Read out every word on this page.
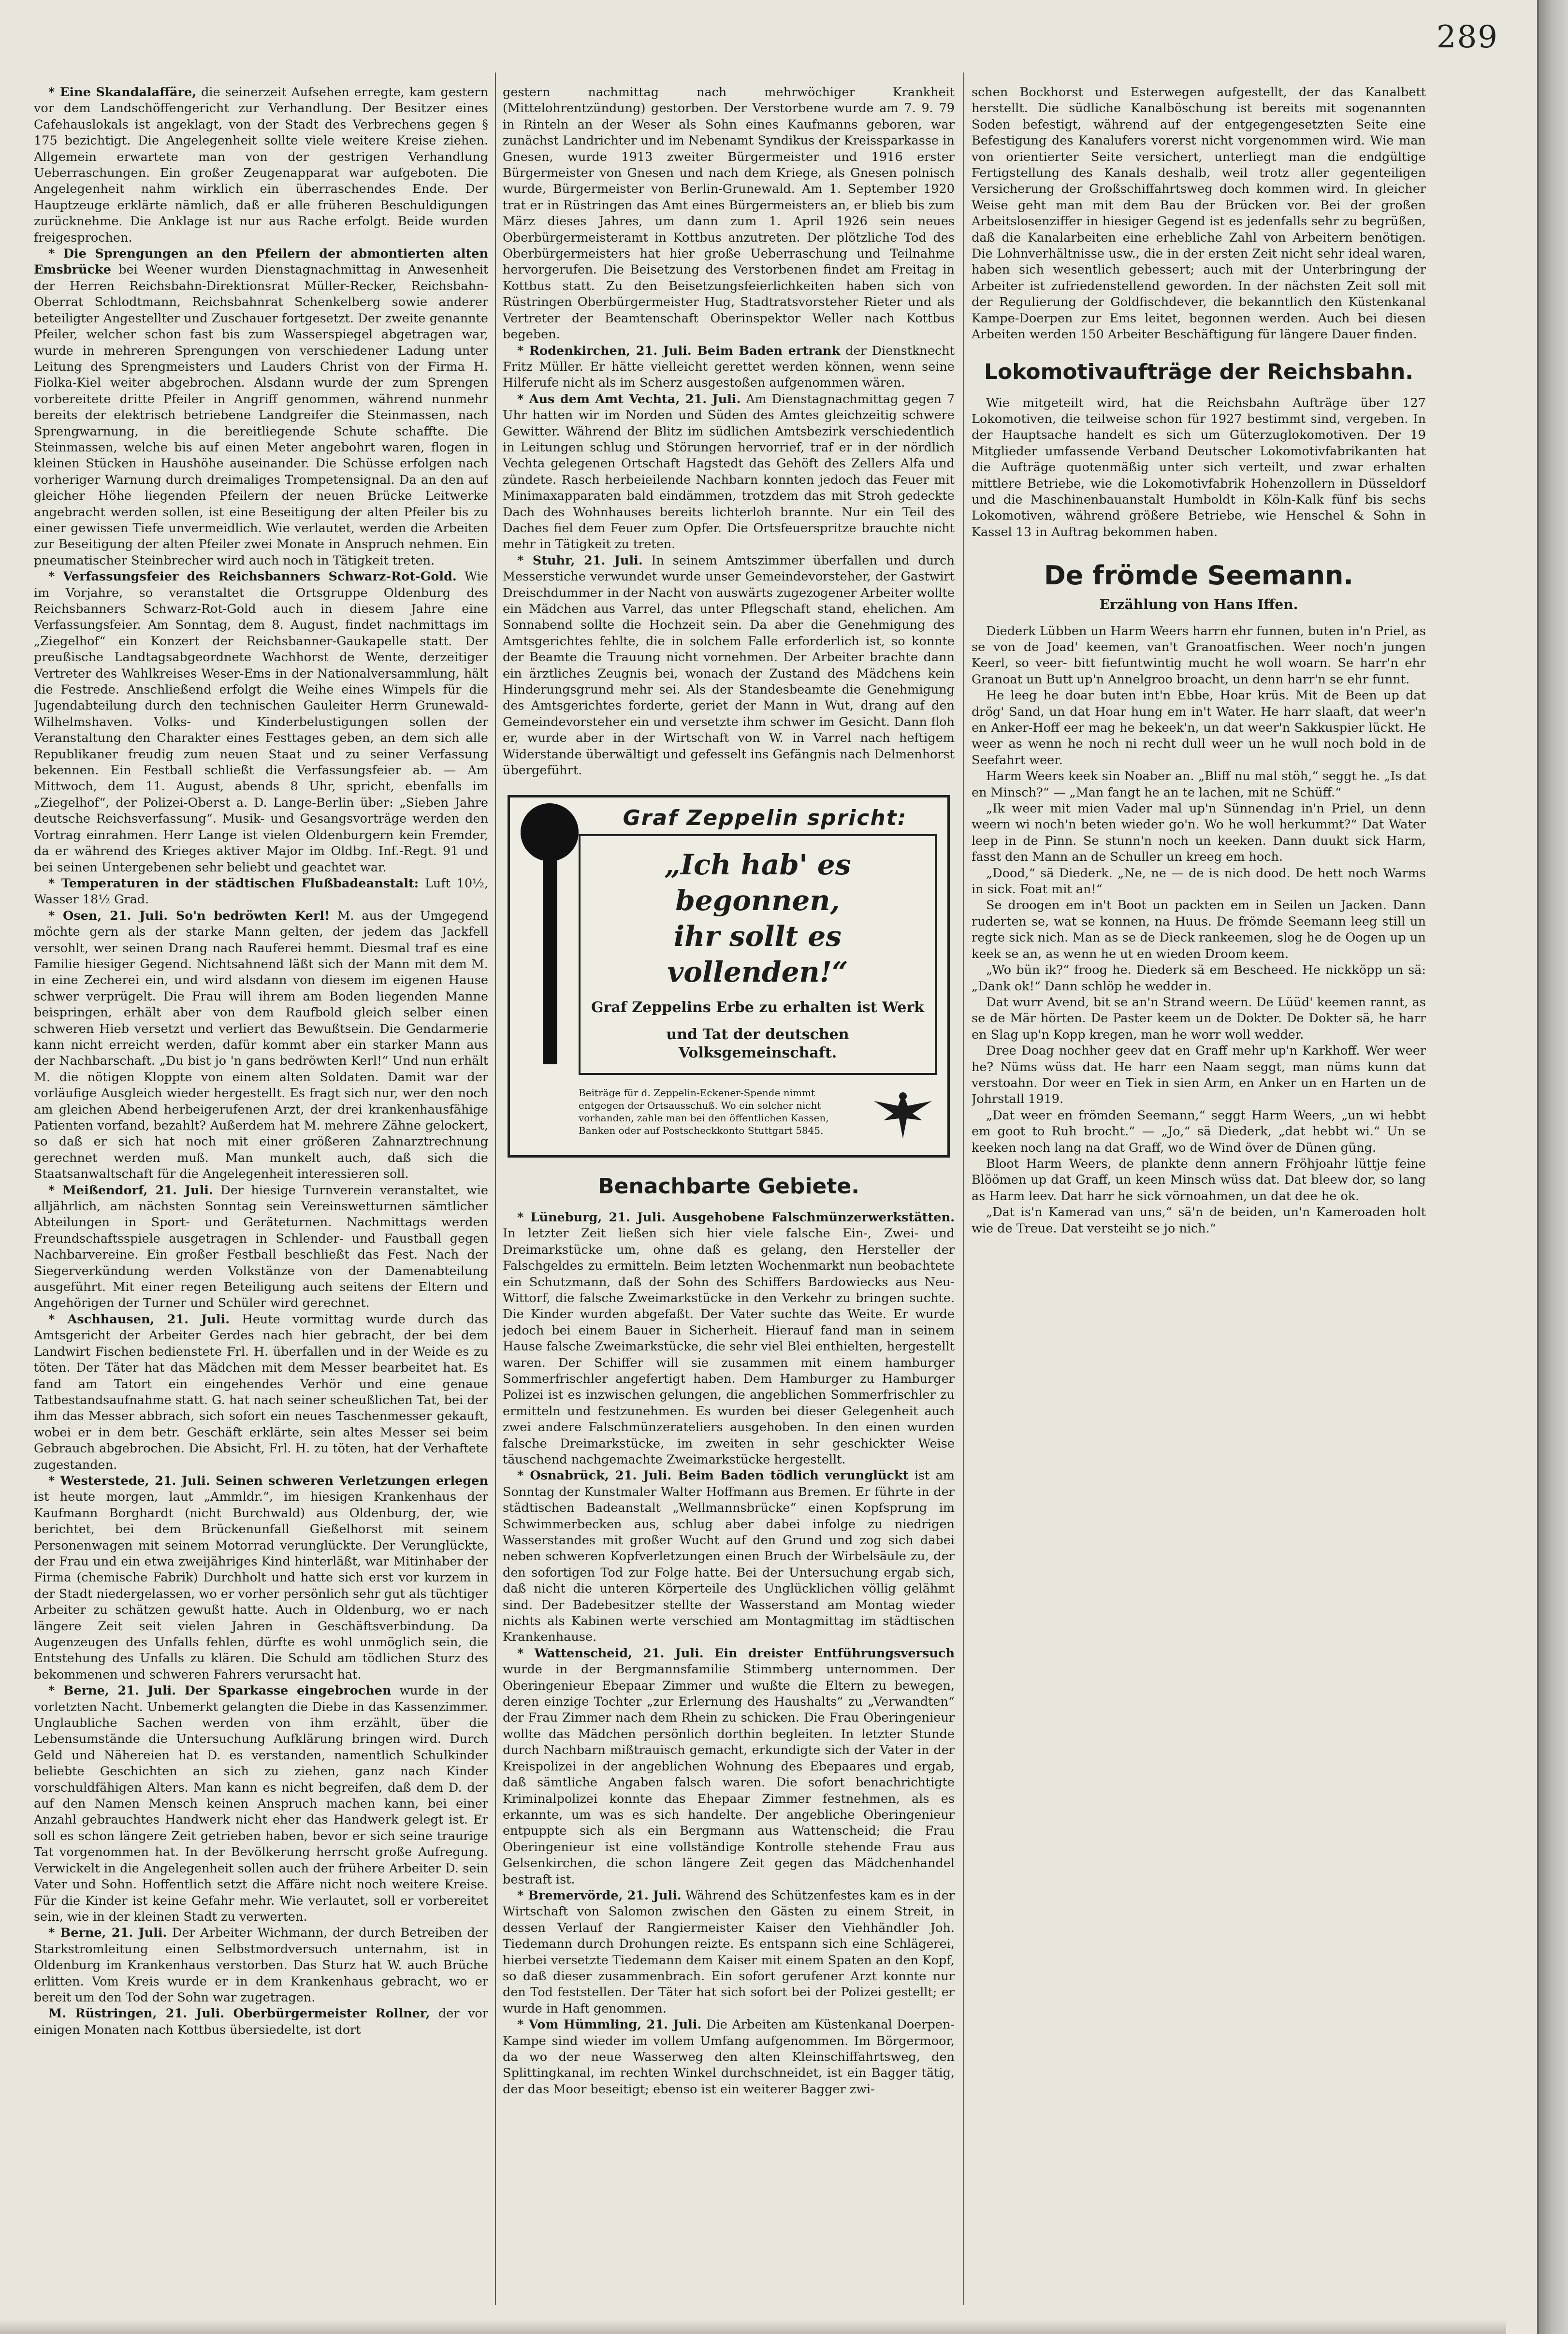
289

* Eine Skandalaffäre, die seinerzeit Aufsehen erregte, kam gestern vor dem Landschöffengericht zur Verhandlung. Der Besitzer eines Cafehauslokals ist angeklagt, von der Stadt des Verbrechens gegen § 175 bezichtigt. Die Angelegenheit sollte viele weitere Kreise ziehen. Allgemein erwartete man von der gestrigen Verhandlung Ueberraschungen. Ein großer Zeugenapparat war aufgeboten. Die Angelegenheit nahm wirklich ein überraschendes Ende. Der Hauptzeuge erklärte nämlich, daß er alle früheren Beschuldigungen zurücknehme. Die Anklage ist nur aus Rache erfolgt. Beide wurden freigesprochen.

* Die Sprengungen an den Pfeilern der abmontierten alten Emsbrücke bei Weener wurden Dienstagnachmittag in Anwesenheit der Herren Reichsbahn-Direktionsrat Müller-Recker, Reichsbahn-Oberrat Schlodtmann, Reichsbahnrat Schenkelberg sowie anderer beteiligter Angestellter und Zuschauer fortgesetzt. Der zweite genannte Pfeiler, welcher schon fast bis zum Wasserspiegel abgetragen war, wurde in mehreren Sprengungen von verschiedener Ladung unter Leitung des Sprengmeisters und Lauders Christ von der Firma H. Fiolka-Kiel weiter abgebrochen. Alsdann wurde der zum Sprengen vorbereitete dritte Pfeiler in Angriff genommen, während nunmehr bereits der elektrisch betriebene Landgreifer die Steinmassen, nach Sprengwarnung, in die bereitliegende Schute schaffte. Die Steinmassen, welche bis auf einen Meter angebohrt waren, flogen in kleinen Stücken in Haushöhe auseinander. Die Schüsse erfolgen nach vorheriger Warnung durch dreimaliges Trompetensignal. Da an den auf gleicher Höhe liegenden Pfeilern der neuen Brücke Leitwerke angebracht werden sollen, ist eine Beseitigung der alten Pfeiler bis zu einer gewissen Tiefe unvermeidlich. Wie verlautet, werden die Arbeiten zur Beseitigung der alten Pfeiler zwei Monate in Anspruch nehmen. Ein pneumatischer Steinbrecher wird auch noch in Tätigkeit treten.

* Verfassungsfeier des Reichsbanners Schwarz-Rot-Gold. Wie im Vorjahre, so veranstaltet die Ortsgruppe Oldenburg des Reichsbanners Schwarz-Rot-Gold auch in diesem Jahre eine Verfassungsfeier. Am Sonntag, dem 8. August, findet nachmittags im „Ziegelhof“ ein Konzert der Reichsbanner-Gaukapelle statt. Der preußische Landtagsabgeordnete Wachhorst de Wente, derzeitiger Vertreter des Wahlkreises Weser-Ems in der Nationalversammlung, hält die Festrede. Anschließend erfolgt die Weihe eines Wimpels für die Jugendabteilung durch den technischen Gauleiter Herrn Grunewald-Wilhelmshaven. Volks- und Kinderbelustigungen sollen der Veranstaltung den Charakter eines Festtages geben, an dem sich alle Republikaner freudig zum neuen Staat und zu seiner Verfassung bekennen. Ein Festball schließt die Verfassungsfeier ab. — Am Mittwoch, dem 11. August, abends 8 Uhr, spricht, ebenfalls im „Ziegelhof“, der Polizei-Oberst a. D. Lange-Berlin über: „Sieben Jahre deutsche Reichsverfassung“. Musik- und Gesangsvorträge werden den Vortrag einrahmen. Herr Lange ist vielen Oldenburgern kein Fremder, da er während des Krieges aktiver Major im Oldbg. Inf.-Regt. 91 und bei seinen Untergebenen sehr beliebt und geachtet war.

* Temperaturen in der städtischen Flußbadeanstalt: Luft 10½, Wasser 18½ Grad.

* Osen, 21. Juli. So'n bedröwten Kerl! M. aus der Umgegend möchte gern als der starke Mann gelten, der jedem das Jackfell versohlt, wer seinen Drang nach Rauferei hemmt. Diesmal traf es eine Familie hiesiger Gegend. Nichtsahnend läßt sich der Mann mit dem M. in eine Zecherei ein, und wird alsdann von diesem im eigenen Hause schwer verprügelt. Die Frau will ihrem am Boden liegenden Manne beispringen, erhält aber von dem Raufbold gleich selber einen schweren Hieb versetzt und verliert das Bewußtsein. Die Gendarmerie kann nicht erreicht werden, dafür kommt aber ein starker Mann aus der Nachbarschaft. „Du bist jo 'n gans bedröwten Kerl!“ Und nun erhält M. die nötigen Kloppte von einem alten Soldaten. Damit war der vorläufige Ausgleich wieder hergestellt. Es fragt sich nur, wer den noch am gleichen Abend herbeigerufenen Arzt, der drei krankenhausfähige Patienten vorfand, bezahlt? Außerdem hat M. mehrere Zähne gelockert, so daß er sich hat noch mit einer größeren Zahnarztrechnung gerechnet werden muß. Man munkelt auch, daß sich die Staatsanwaltschaft für die Angelegenheit interessieren soll.

* Meißendorf, 21. Juli. Der hiesige Turnverein veranstaltet, wie alljährlich, am nächsten Sonntag sein Vereinswetturnen sämtlicher Abteilungen in Sport- und Geräteturnen. Nachmittags werden Freundschaftsspiele ausgetragen in Schlender- und Faustball gegen Nachbarvereine. Ein großer Festball beschließt das Fest. Nach der Siegerverkündung werden Volkstänze von der Damenabteilung ausgeführt. Mit einer regen Beteiligung auch seitens der Eltern und Angehörigen der Turner und Schüler wird gerechnet.

* Aschhausen, 21. Juli. Heute vormittag wurde durch das Amtsgericht der Arbeiter Gerdes nach hier gebracht, der bei dem Landwirt Fischen bedienstete Frl. H. überfallen und in der Weide es zu töten. Der Täter hat das Mädchen mit dem Messer bearbeitet hat. Es fand am Tatort ein eingehendes Verhör und eine genaue Tatbestandsaufnahme statt. G. hat nach seiner scheußlichen Tat, bei der ihm das Messer abbrach, sich sofort ein neues Taschenmesser gekauft, wobei er in dem betr. Geschäft erklärte, sein altes Messer sei beim Gebrauch abgebrochen. Die Absicht, Frl. H. zu töten, hat der Verhaftete zugestanden.

* Westerstede, 21. Juli. Seinen schweren Verletzungen erlegen ist heute morgen, laut „Ammldr.“, im hiesigen Krankenhaus der Kaufmann Borghardt (nicht Burchwald) aus Oldenburg, der, wie berichtet, bei dem Brückenunfall Gießelhorst mit seinem Personenwagen mit seinem Motorrad verunglückte. Der Verunglückte, der Frau und ein etwa zweijähriges Kind hinterläßt, war Mitinhaber der Firma (chemische Fabrik) Durchholt und hatte sich erst vor kurzem in der Stadt niedergelassen, wo er vorher persönlich sehr gut als tüchtiger Arbeiter zu schätzen gewußt hatte. Auch in Oldenburg, wo er nach längere Zeit seit vielen Jahren in Geschäftsverbindung. Da Augenzeugen des Unfalls fehlen, dürfte es wohl unmöglich sein, die Entstehung des Unfalls zu klären. Die Schuld am tödlichen Sturz des bekommenen und schweren Fahrers verursacht hat.

* Berne, 21. Juli. Der Sparkasse eingebrochen wurde in der vorletzten Nacht. Unbemerkt gelangten die Diebe in das Kassenzimmer. Unglaubliche Sachen werden von ihm erzählt, über die Lebensumstände die Untersuchung Aufklärung bringen wird. Durch Geld und Nähereien hat D. es verstanden, namentlich Schulkinder beliebte Geschichten an sich zu ziehen, ganz nach Kinder vorschuldfähigen Alters. Man kann es nicht begreifen, daß dem D. der auf den Namen Mensch keinen Anspruch machen kann, bei einer Anzahl gebrauchtes Handwerk nicht eher das Handwerk gelegt ist. Er soll es schon längere Zeit getrieben haben, bevor er sich seine traurige Tat vorgenommen hat. In der Bevölkerung herrscht große Aufregung. Verwickelt in die Angelegenheit sollen auch der frühere Arbeiter D. sein Vater und Sohn. Hoffentlich setzt die Affäre nicht noch weitere Kreise. Für die Kinder ist keine Gefahr mehr. Wie verlautet, soll er vorbereitet sein, wie in der kleinen Stadt zu verwerten.

* Berne, 21. Juli. Der Arbeiter Wichmann, der durch Betreiben der Starkstromleitung einen Selbstmordversuch unternahm, ist in Oldenburg im Krankenhaus verstorben. Das Sturz hat W. auch Brüche erlitten. Vom Kreis wurde er in dem Krankenhaus gebracht, wo er bereit um den Tod der Sohn war zugetragen.

M. Rüstringen, 21. Juli. Oberbürgermeister Rollner, der vor einigen Monaten nach Kottbus übersiedelte, ist dort

gestern nachmittag nach mehrwöchiger Krankheit (Mittelohrentzündung) gestorben. Der Verstorbene wurde am 7. 9. 79 in Rinteln an der Weser als Sohn eines Kaufmanns geboren, war zunächst Landrichter und im Nebenamt Syndikus der Kreissparkasse in Gnesen, wurde 1913 zweiter Bürgermeister und 1916 erster Bürgermeister von Gnesen und nach dem Kriege, als Gnesen polnisch wurde, Bürgermeister von Berlin-Grunewald. Am 1. September 1920 trat er in Rüstringen das Amt eines Bürgermeisters an, er blieb bis zum März dieses Jahres, um dann zum 1. April 1926 sein neues Oberbürgermeisteramt in Kottbus anzutreten. Der plötzliche Tod des Oberbürgermeisters hat hier große Ueberraschung und Teilnahme hervorgerufen. Die Beisetzung des Verstorbenen findet am Freitag in Kottbus statt. Zu den Beisetzungsfeierlichkeiten haben sich von Rüstringen Oberbürgermeister Hug, Stadtratsvorsteher Rieter und als Vertreter der Beamtenschaft Oberinspektor Weller nach Kottbus begeben.

* Rodenkirchen, 21. Juli. Beim Baden ertrank der Dienstknecht Fritz Müller. Er hätte vielleicht gerettet werden können, wenn seine Hilferufe nicht als im Scherz ausgestoßen aufgenommen wären.

* Aus dem Amt Vechta, 21. Juli. Am Dienstagnachmittag gegen 7 Uhr hatten wir im Norden und Süden des Amtes gleichzeitig schwere Gewitter. Während der Blitz im südlichen Amtsbezirk verschiedentlich in Leitungen schlug und Störungen hervorrief, traf er in der nördlich Vechta gelegenen Ortschaft Hagstedt das Gehöft des Zellers Alfa und zündete. Rasch herbeieilende Nachbarn konnten jedoch das Feuer mit Minimaxapparaten bald eindämmen, trotzdem das mit Stroh gedeckte Dach des Wohnhauses bereits lichterloh brannte. Nur ein Teil des Daches fiel dem Feuer zum Opfer. Die Ortsfeuerspritze brauchte nicht mehr in Tätigkeit zu treten.

* Stuhr, 21. Juli. In seinem Amtszimmer überfallen und durch Messerstiche verwundet wurde unser Gemeindevorsteher, der Gastwirt Dreischdummer in der Nacht von auswärts zugezogener Arbeiter wollte ein Mädchen aus Varrel, das unter Pflegschaft stand, ehelichen. Am Sonnabend sollte die Hochzeit sein. Da aber die Genehmigung des Amtsgerichtes fehlte, die in solchem Falle erforderlich ist, so konnte der Beamte die Trauung nicht vornehmen. Der Arbeiter brachte dann ein ärztliches Zeugnis bei, wonach der Zustand des Mädchens kein Hinderungsgrund mehr sei. Als der Standesbeamte die Genehmigung des Amtsgerichtes forderte, geriet der Mann in Wut, drang auf den Gemeindevorsteher ein und versetzte ihm schwer im Gesicht. Dann floh er, wurde aber in der Wirtschaft von W. in Varrel nach heftigem Widerstande überwältigt und gefesselt ins Gefängnis nach Delmenhorst übergeführt.

Graf Zeppelin spricht:
„Ich hab' es begonnen,
ihr sollt es vollenden!“
Graf Zeppelins Erbe zu erhalten ist Werk
und Tat der deutschen Volksgemeinschaft.
Beiträge für d. Zeppelin-Eckener-Spende nimmt entgegen der Ortsausschuß. Wo ein solcher nicht vorhanden, zahle man bei den öffentlichen Kassen, Banken oder auf Postscheckkonto Stuttgart 5845.
Benachbarte Gebiete.

* Lüneburg, 21. Juli. Ausgehobene Falschmünzerwerkstätten. In letzter Zeit ließen sich hier viele falsche Ein-, Zwei- und Dreimarkstücke um, ohne daß es gelang, den Hersteller der Falschgeldes zu ermitteln. Beim letzten Wochenmarkt nun beobachtete ein Schutzmann, daß der Sohn des Schiffers Bardowiecks aus Neu-Wittorf, die falsche Zweimarkstücke in den Verkehr zu bringen suchte. Die Kinder wurden abgefaßt. Der Vater suchte das Weite. Er wurde jedoch bei einem Bauer in Sicherheit. Hierauf fand man in seinem Hause falsche Zweimarkstücke, die sehr viel Blei enthielten, hergestellt waren. Der Schiffer will sie zusammen mit einem hamburger Sommerfrischler angefertigt haben. Dem Hamburger zu Hamburger Polizei ist es inzwischen gelungen, die angeblichen Sommerfrischler zu ermitteln und festzunehmen. Es wurden bei dieser Gelegenheit auch zwei andere Falschmünzerateliers ausgehoben. In den einen wurden falsche Dreimarkstücke, im zweiten in sehr geschickter Weise täuschend nachgemachte Zweimarkstücke hergestellt.

* Osnabrück, 21. Juli. Beim Baden tödlich verunglückt ist am Sonntag der Kunstmaler Walter Hoffmann aus Bremen. Er führte in der städtischen Badeanstalt „Wellmannsbrücke“ einen Kopfsprung im Schwimmerbecken aus, schlug aber dabei infolge zu niedrigen Wasserstandes mit großer Wucht auf den Grund und zog sich dabei neben schweren Kopfverletzungen einen Bruch der Wirbelsäule zu, der den sofortigen Tod zur Folge hatte. Bei der Untersuchung ergab sich, daß nicht die unteren Körperteile des Unglücklichen völlig gelähmt sind. Der Badebesitzer stellte der Wasserstand am Montag wieder nichts als Kabinen werte verschied am Montagmittag im städtischen Krankenhause.

* Wattenscheid, 21. Juli. Ein dreister Entführungsversuch wurde in der Bergmannsfamilie Stimmberg unternommen. Der Oberingenieur Ebepaar Zimmer und wußte die Eltern zu bewegen, deren einzige Tochter „zur Erlernung des Haushalts“ zu „Verwandten“ der Frau Zimmer nach dem Rhein zu schicken. Die Frau Oberingenieur wollte das Mädchen persönlich dorthin begleiten. In letzter Stunde durch Nachbarn mißtrauisch gemacht, erkundigte sich der Vater in der Kreispolizei in der angeblichen Wohnung des Ebepaares und ergab, daß sämtliche Angaben falsch waren. Die sofort benachrichtigte Kriminalpolizei konnte das Ehepaar Zimmer festnehmen, als es erkannte, um was es sich handelte. Der angebliche Oberingenieur entpuppte sich als ein Bergmann aus Wattenscheid; die Frau Oberingenieur ist eine vollständige Kontrolle stehende Frau aus Gelsenkirchen, die schon längere Zeit gegen das Mädchenhandel bestraft ist.

* Bremervörde, 21. Juli. Während des Schützenfestes kam es in der Wirtschaft von Salomon zwischen den Gästen zu einem Streit, in dessen Verlauf der Rangiermeister Kaiser den Viehhändler Joh. Tiedemann durch Drohungen reizte. Es entspann sich eine Schlägerei, hierbei versetzte Tiedemann dem Kaiser mit einem Spaten an den Kopf, so daß dieser zusammenbrach. Ein sofort gerufener Arzt konnte nur den Tod feststellen. Der Täter hat sich sofort bei der Polizei gestellt; er wurde in Haft genommen.

* Vom Hümmling, 21. Juli. Die Arbeiten am Küstenkanal Doerpen-Kampe sind wieder im vollem Umfang aufgenommen. Im Börgermoor, da wo der neue Wasserweg den alten Kleinschiffahrtsweg, den Splittingkanal, im rechten Winkel durchschneidet, ist ein Bagger tätig, der das Moor beseitigt; ebenso ist ein weiterer Bagger zwi-

schen Bockhorst und Esterwegen aufgestellt, der das Kanalbett herstellt. Die südliche Kanalböschung ist bereits mit sogenannten Soden befestigt, während auf der entgegengesetzten Seite eine Befestigung des Kanalufers vorerst nicht vorgenommen wird. Wie man von orientierter Seite versichert, unterliegt man die endgültige Fertigstellung des Kanals deshalb, weil trotz aller gegenteiligen Versicherung der Großschiffahrtsweg doch kommen wird. In gleicher Weise geht man mit dem Bau der Brücken vor. Bei der großen Arbeitslosenziffer in hiesiger Gegend ist es jedenfalls sehr zu begrüßen, daß die Kanalarbeiten eine erhebliche Zahl von Arbeitern benötigen. Die Lohnverhältnisse usw., die in der ersten Zeit nicht sehr ideal waren, haben sich wesentlich gebessert; auch mit der Unterbringung der Arbeiter ist zufriedenstellend geworden. In der nächsten Zeit soll mit der Regulierung der Goldfischdever, die bekanntlich den Küstenkanal Kampe-Doerpen zur Ems leitet, begonnen werden. Auch bei diesen Arbeiten werden 150 Arbeiter Beschäftigung für längere Dauer finden.

Lokomotivaufträge der Reichsbahn.

Wie mitgeteilt wird, hat die Reichsbahn Aufträge über 127 Lokomotiven, die teilweise schon für 1927 bestimmt sind, vergeben. In der Hauptsache handelt es sich um Güterzuglokomotiven. Der 19 Mitglieder umfassende Verband Deutscher Lokomotivfabrikanten hat die Aufträge quotenmäßig unter sich verteilt, und zwar erhalten mittlere Betriebe, wie die Lokomotivfabrik Hohenzollern in Düsseldorf und die Maschinenbauanstalt Humboldt in Köln-Kalk fünf bis sechs Lokomotiven, während größere Betriebe, wie Henschel & Sohn in Kassel 13 in Auftrag bekommen haben.

De frömde Seemann.
Erzählung von Hans Iffen.

Diederk Lübben un Harm Weers harrn ehr funnen, buten in'n Priel, as se von de Joad' keemen, van't Granoatfischen. Weer noch'n jungen Keerl, so veer- bitt fiefuntwintig mucht he woll woarn. Se harr'n ehr Granoat un Butt up'n Annelgroo broacht, un denn harr'n se ehr funnt.

He leeg he doar buten int'n Ebbe, Hoar krüs. Mit de Been up dat drög' Sand, un dat Hoar hung em in't Water. He harr slaaft, dat weer'n en Anker-Hoff eer mag he bekeek'n, un dat weer'n Sakkuspier lückt. He weer as wenn he noch ni recht dull weer un he wull noch bold in de Seefahrt weer.

Harm Weers keek sin Noaber an. „Bliff nu mal stöh,“ seggt he. „Is dat en Minsch?“ — „Man fangt he an te lachen, mit ne Schüff.“

„Ik weer mit mien Vader mal up'n Sünnendag in'n Priel, un denn weern wi noch'n beten wieder go'n. Wo he woll herkummt?“ Dat Water leep in de Pinn. Se stunn'n noch un keeken. Dann duukt sick Harm, fasst den Mann an de Schuller un kreeg em hoch.

„Dood,“ sä Diederk. „Ne, ne — de is nich dood. De hett noch Warms in sick. Foat mit an!“

Se droogen em in't Boot un packten em in Seilen un Jacken. Dann ruderten se, wat se konnen, na Huus. De frömde Seemann leeg still un regte sick nich. Man as se de Dieck rankeemen, slog he de Oogen up un keek se an, as wenn he ut en wieden Droom keem.

„Wo bün ik?“ froog he. Diederk sä em Bescheed. He nickköpp un sä: „Dank ok!“ Dann schlöp he wedder in.

Dat wurr Avend, bit se an'n Strand weern. De Lüüd' keemen rannt, as se de Mär hörten. De Paster keem un de Dokter. De Dokter sä, he harr en Slag up'n Kopp kregen, man he worr woll wedder.

Dree Doag nochher geev dat en Graff mehr up'n Karkhoff. Wer weer he? Nüms wüss dat. He harr een Naam seggt, man nüms kunn dat verstoahn. Dor weer en Tiek in sien Arm, en Anker un en Harten un de Johrstall 1919.

„Dat weer en frömden Seemann,“ seggt Harm Weers, „un wi hebbt em goot to Ruh brocht.“ — „Jo,“ sä Diederk, „dat hebbt wi.“ Un se keeken noch lang na dat Graff, wo de Wind över de Dünen güng.

Bloot Harm Weers, de plankte denn annern Fröhjoahr lüttje feine Blöömen up dat Graff, un keen Minsch wüss dat. Dat bleew dor, so lang as Harm leev. Dat harr he sick vörnoahmen, un dat dee he ok.

„Dat is'n Kamerad van uns,“ sä'n de beiden, un'n Kameroaden holt wie de Treue. Dat versteiht se jo nich.“
